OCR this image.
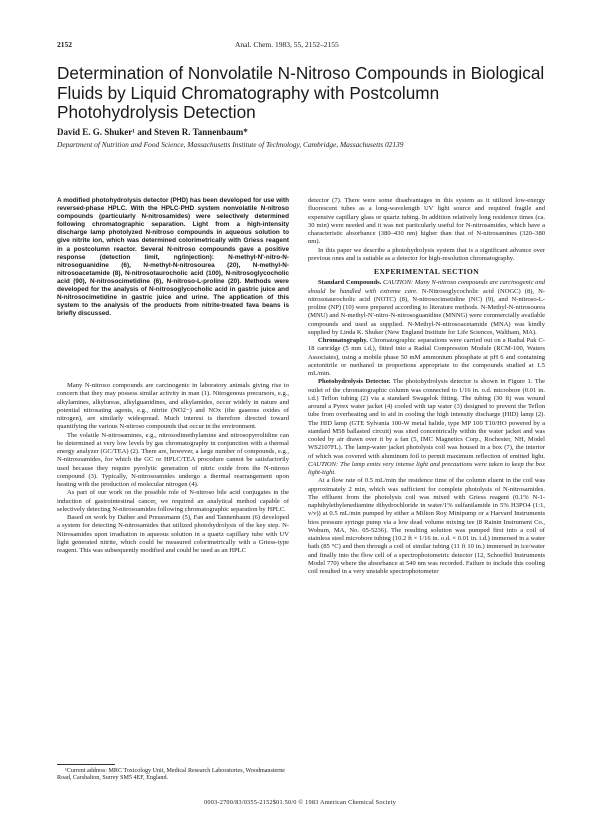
2152	Anal. Chem. 1983, 55, 2152–2155
Determination of Nonvolatile N-Nitroso Compounds in Biological Fluids by Liquid Chromatography with Postcolumn Photohydrolysis Detection
David E. G. Shuker¹ and Steven R. Tannenbaum*
Department of Nutrition and Food Science, Massachusetts Institute of Technology, Cambridge, Massachusetts 02139
A modified photohydrolysis detector (PHD) has been developed for use with reversed-phase HPLC. With the HPLC-PHD system nonvolatile N-nitroso compounds (particularly N-nitrosamides) were selectively determined following chromatographic separation. Light from a high-intensity discharge lamp photolyzed N-nitroso compounds in aqueous solution to give nitrite ion, which was determined colorimetrically with Griess reagent in a postcolumn reactor. Several N-nitroso compounds gave a positive response (detection limit, ng/injection): N-methyl-N'-nitro-N-nitrosoguanidine (6), N-methyl-N-nitrosourea (20), N-methyl-N-nitrosoacetamide (8), N-nitrosotaurocholic acid (100), N-nitrosoglycocholic acid (90), N-nitrosocimetidine (6), N-nitroso-L-proline (20). Methods were developed for the analysis of N-nitrosoglycocholic acid in gastric juice and N-nitrosocimetidine in gastric juice and urine. The application of this system to the analysis of the products from nitrite-treated fava beans is briefly discussed.

Many N-nitroso compounds are carcinogenic in laboratory animals giving rise to concern that they may possess similar activity in man (1). Nitrogenous precursors, e.g., alkylamines, alkylureas, alkylguanidines, and alkylamides, occur widely in nature and potential nitrosating agents, e.g., nitrite (NO2−) and NOx (the gaseous oxides of nitrogen), are similarly widespread. Much interest is therefore directed toward quantifying the various N-nitroso compounds that occur in the environment.

The volatile N-nitrosamines, e.g., nitrosodimethylamine and nitrosopyrrolidine can be determined at very low levels by gas chromatography in conjunction with a thermal energy analyzer (GC/TEA) (2). There are, however, a large number of compounds, e.g., N-nitrosoamides, for which the GC or HPLC/TEA procedure cannot be satisfactorily used because they require pyrolytic generation of nitric oxide from the N-nitroso compound (3). Typically, N-nitrosoamides undergo a thermal rearrangement upon heating with the production of molecular nitrogen (4).

As part of our work on the possible role of N-nitroso bile acid conjugates in the induction of gastrointestinal cancer, we required an analytical method capable of selectively detecting N-nitrosoamides following chromatographic separation by HPLC.

Based on work by Daiber and Preussmann (5), Fan and Tannenbaum (6) developed a system for detecting N-nitrosamides that utilized photohydrolysis of the key step. N-Nitrosamides upon irradiation in aqueous solution in a quartz capillary tube with UV light generated nitrite, which could be measured colorimetrically with a Griess-type reagent. This was subsequently modified and could be used as an HPLC

¹Current address: MRC Toxicology Unit, Medical Research Laboratories, Woodmansterne Road, Carshalton, Surrey SM5 4EF, England.

detector (7). There were some disadvantages in this system as it utilized low-energy fluorescent tubes as a long-wavelength UV light source and required fragile and expensive capillary glass or quartz tubing. In addition relatively long residence times (ca. 30 min) were needed and it was not particularly useful for N-nitrosamides, which have a characteristic absorbance (380–430 nm) higher than that of N-nitrosamines (320–380 nm).

In this paper we describe a photohydrolysis system that is a significant advance over previous ones and is suitable as a detector for high-resolution chromatography.

EXPERIMENTAL SECTION

Standard Compounds. CAUTION: Many N-nitroso compounds are carcinogenic and should be handled with extreme care. N-Nitrosoglycocholic acid (NOGC) (8), N-nitrosotaurocholic acid (NOTC) (8), N-nitrosocimetidine (NC) (9), and N-nitroso-L-proline (NP) (10) were prepared according to literature methods. N-Methyl-N-nitrosourea (MNU) and N-methyl-N'-nitro-N-nitrosoguanidine (MNNG) were commercially available compounds and used as supplied. N-Methyl-N-nitrosoacetamide (MNA) was kindly supplied by Linda K. Shuker (New England Institute for Life Sciences, Waltham, MA).

Chromatography. Chromatographic separations were carried out on a Radial Pak C-18 cartridge (5 mm i.d.), fitted into a Radial Compression Module (RCM-100, Waters Associates), using a mobile phase 50 mM ammonium phosphate at pH 6 and containing acetonitrile or methanol in proportions appropriate to the compounds studied at 1.5 mL/min.

Photohydrolysis Detector. The photohydrolysis detector is shown in Figure 1. The outlet of the chromatographic column was connected to 1/16 in. o.d. microbore (0.01 in. i.d.) Teflon tubing (2) via a standard Swagelok fitting. The tubing (30 ft) was wound around a Pyrex water jacket (4) cooled with tap water (3) designed to prevent the Teflon tube from overheating and to aid in cooling the high intensity discharge (HID) lamp (2). The HID lamp (GTE Sylvania 100-W metal halide, type MP 100 T10/HO powered by a standard M58 ballasted circuit) was sited concentrically within the water jacket and was cooled by air drawn over it by a fan (5, IMC Magnetics Corp., Rochester, NH, Model WS2107FL). The lamp-water jacket photolysis coil was housed in a box (7), the interior of which was covered with aluminum foil to permit maximum reflection of emitted light. CAUTION: The lamp emits very intense light and precautions were taken to keep the box light-tight.

At a flow rate of 0.5 mL/min the residence time of the column eluent in the coil was approximately 2 min, which was sufficient for complete photolysis of N-nitrosamides. The effluent from the photolysis coil was mixed with Griess reagent (0.1% N-1-naphthylethylenediamine dihydrochloride in water/1% sulfanilamide in 5% H3PO4 (1:1, v/v)) at 0.5 mL/min pumped by either a Milton Roy Minipump or a Harvard Instruments bios pressure syringe pump via a low dead volume mixing tee (8 Rainin Instrument Co., Woburn, MA, No. 05-5236). The resulting solution was pumped first into a coil of stainless steel microbore tubing (10.2 ft × 1/16 in. o.d. × 0.01 in. i.d.) immersed in a water bath (85 °C) and then through a coil of similar tubing (11 ft 10 in.) immersed in ice/water and finally into the flow cell of a spectrophotometric detector (12, Schoeffel Instruments Model 770) where the absorbance at 540 nm was recorded. Failure to include this cooling coil resulted in a very unstable spectrophotometer

0003-2700/83/0355-2152$01.50/0 © 1983 American Chemical Society
